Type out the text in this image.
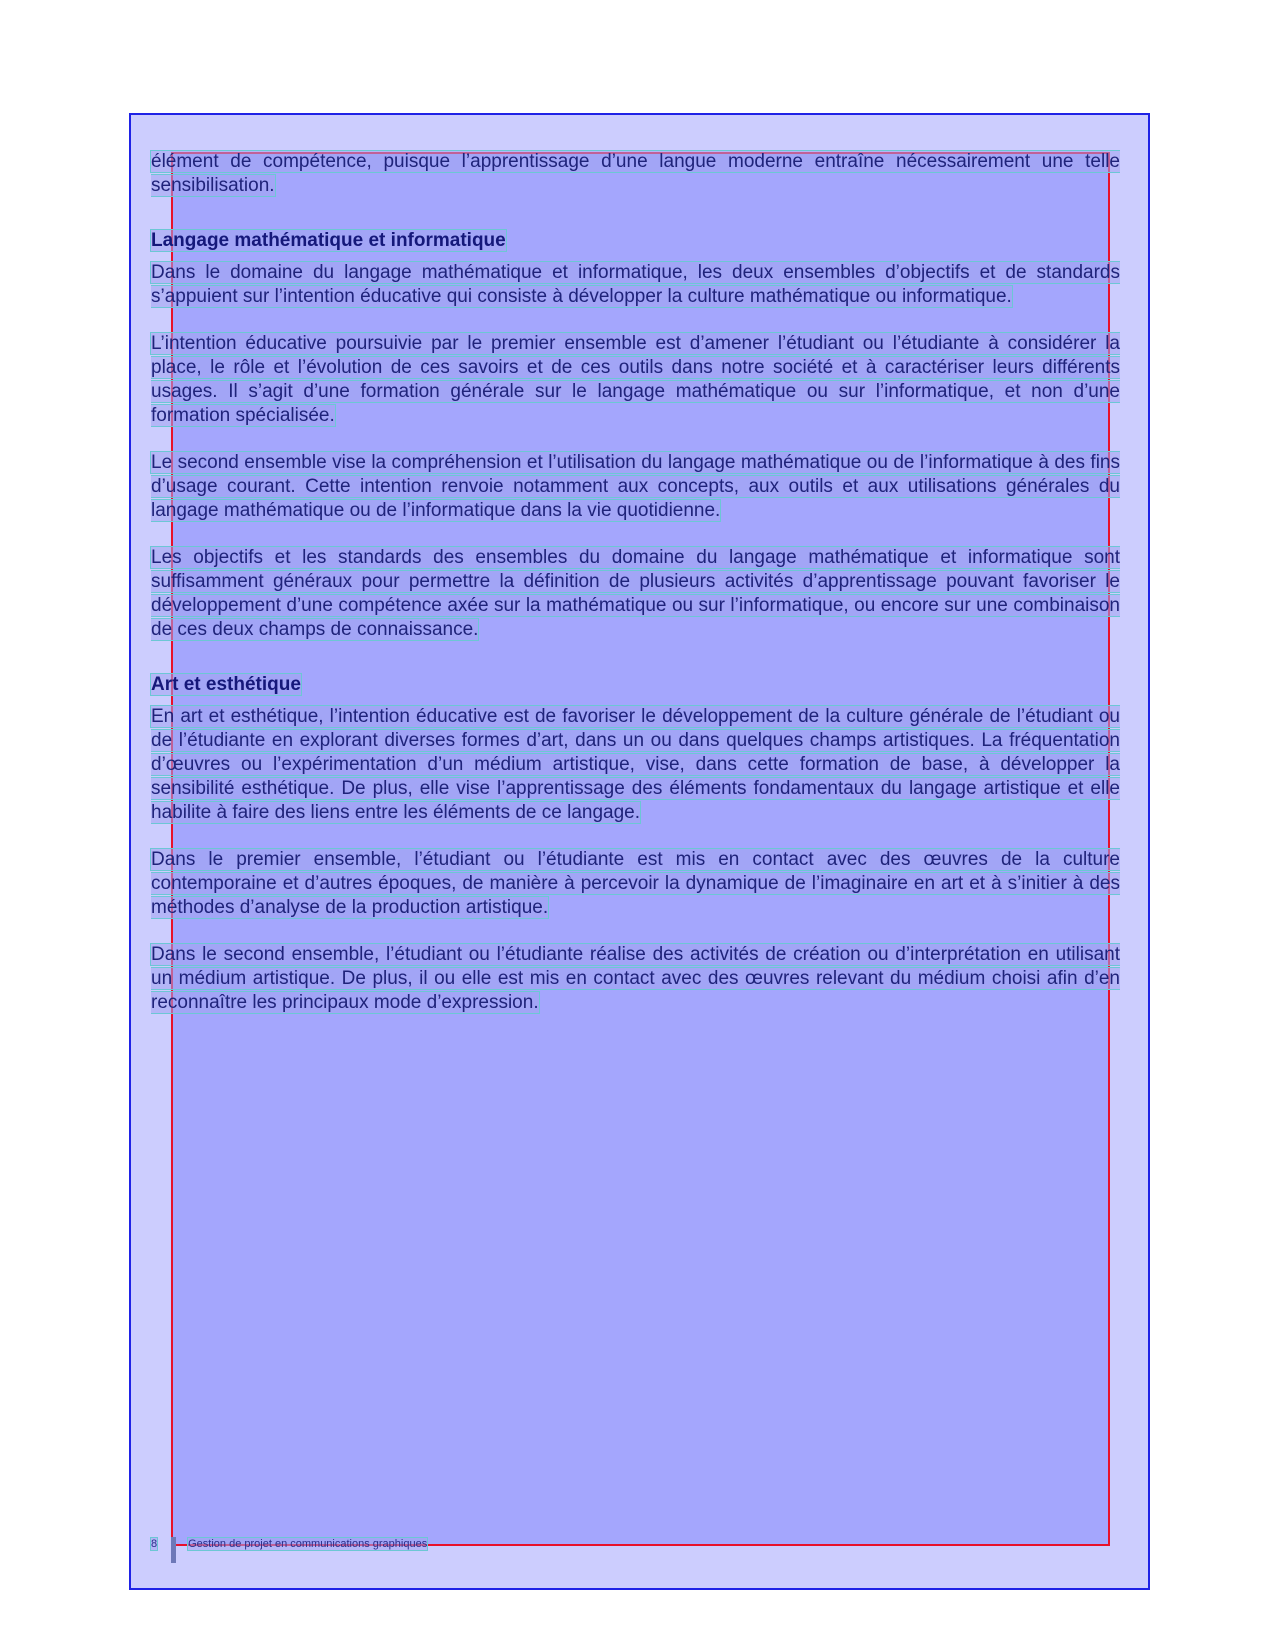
élément de compétence, puisque l’apprentissage d’une langue moderne entraîne nécessairement une telle sensibilisation.

Langage mathématique et informatique

Dans le domaine du langage mathématique et informatique, les deux ensembles d’objectifs et de standards s’appuient sur l’intention éducative qui consiste à développer la culture mathématique ou informatique.

L’intention éducative poursuivie par le premier ensemble est d’amener l’étudiant ou l’étudiante à considérer la place, le rôle et l’évolution de ces savoirs et de ces outils dans notre société et à caractériser leurs différents usages. Il s’agit d’une formation générale sur le langage mathématique ou sur l’informatique, et non d’une formation spécialisée.

Le second ensemble vise la compréhension et l’utilisation du langage mathématique ou de l’informatique à des fins d’usage courant. Cette intention renvoie notamment aux concepts, aux outils et aux utilisations générales du langage mathématique ou de l’informatique dans la vie quotidienne.

Les objectifs et les standards des ensembles du domaine du langage mathématique et informatique sont suffisamment généraux pour permettre la définition de plusieurs activités d’apprentissage pouvant favoriser le développement d’une compétence axée sur la mathématique ou sur l’informatique, ou encore sur une combinaison de ces deux champs de connaissance.

Art et esthétique

En art et esthétique, l’intention éducative est de favoriser le développement de la culture générale de l’étudiant ou de l’étudiante en explorant diverses formes d’art, dans un ou dans quelques champs artistiques. La fréquentation d’œuvres ou l’expérimentation d’un médium artistique, vise, dans cette formation de base, à développer la sensibilité esthétique. De plus, elle vise l’apprentissage des éléments fondamentaux du langage artistique et elle habilite à faire des liens entre les éléments de ce langage.

Dans le premier ensemble, l’étudiant ou l’étudiante est mis en contact avec des œuvres de la culture contemporaine et d’autres époques, de manière à percevoir la dynamique de l’imaginaire en art et à s’initier à des méthodes d’analyse de la production artistique.

Dans le second ensemble, l’étudiant ou l’étudiante réalise des activités de création ou d’interprétation en utilisant un médium artistique. De plus, il ou elle est mis en contact avec des œuvres relevant du médium choisi afin d’en reconnaître les principaux mode d’expression.

8	Gestion de projet en communications graphiques
